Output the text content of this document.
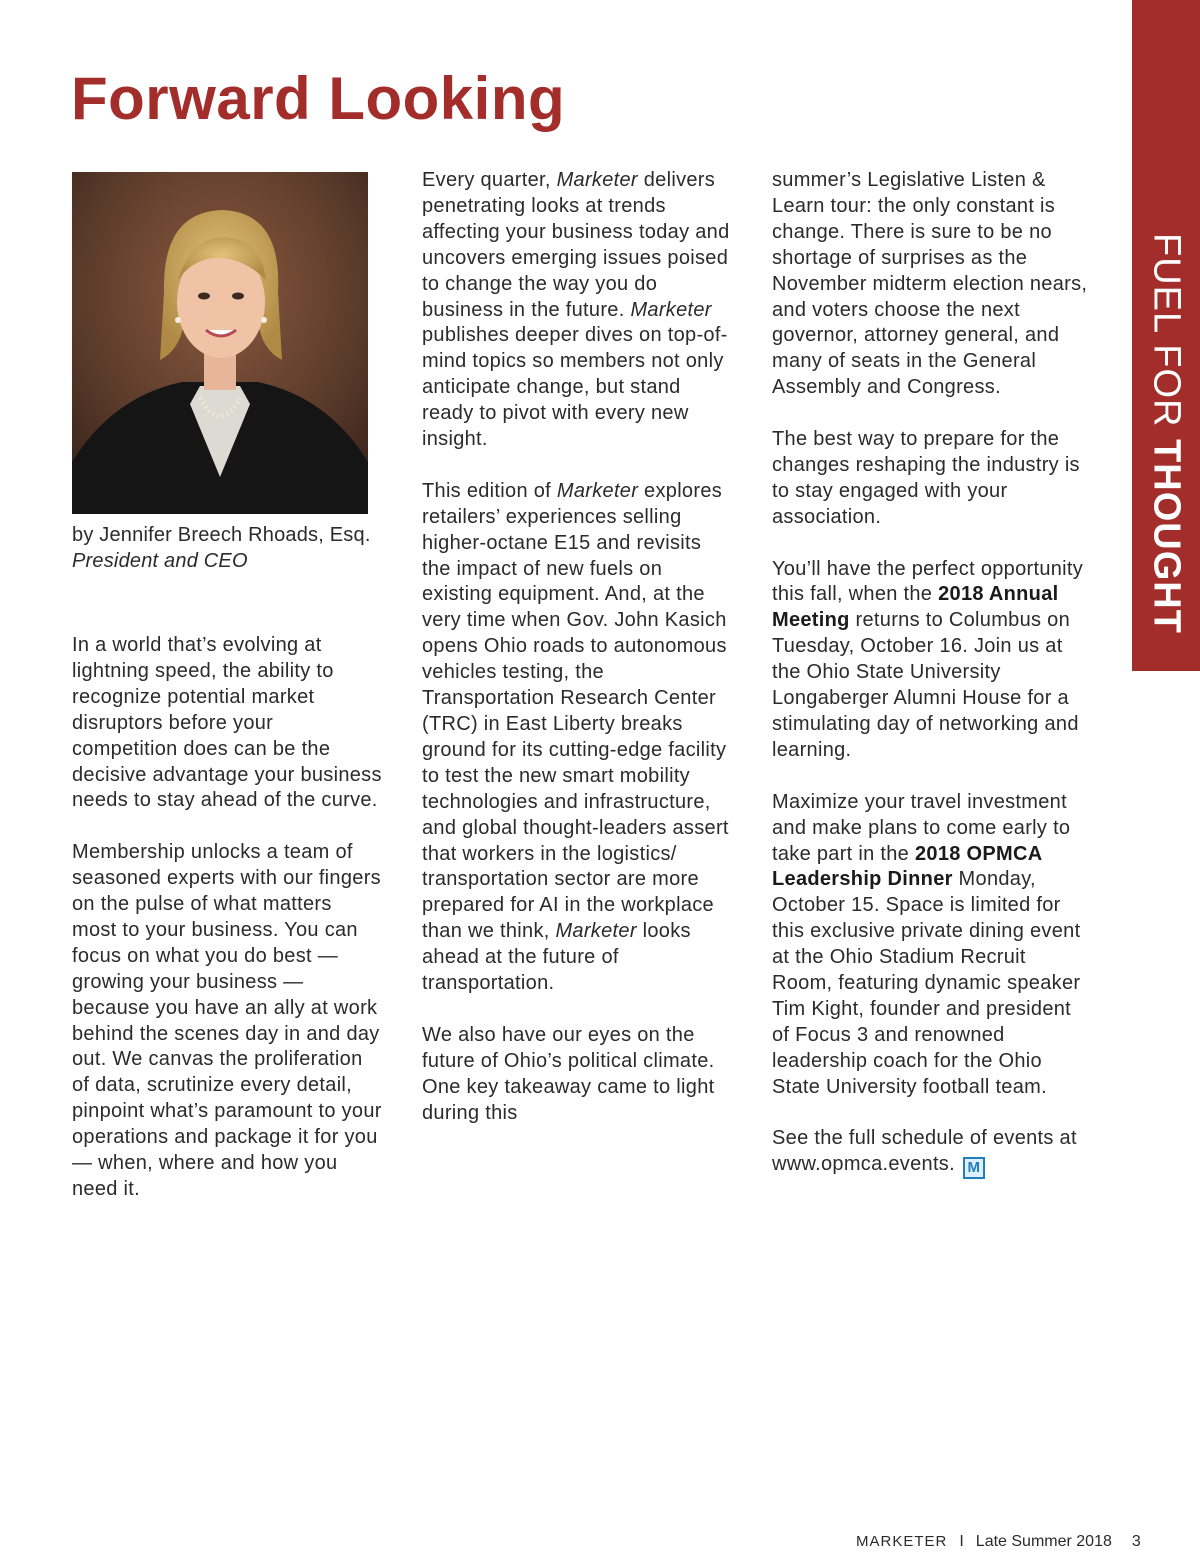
Forward Looking
FUEL FOR THOUGHT
by Jennifer Breech Rhoads, Esq.
President and CEO

In a world that’s evolving at lightning speed, the ability to recognize potential market disruptors before your competition does can be the decisive advantage your business needs to stay ahead of the curve.

Membership unlocks a team of seasoned experts with our fingers on the pulse of what matters most to your business. You can focus on what you do best — growing your business — because you have an ally at work behind the scenes day in and day out. We canvas the proliferation of data, scrutinize every detail, pinpoint what’s paramount to your operations and package it for you — when, where and how you need it.

Every quarter, Marketer delivers penetrating looks at trends affecting your business today and uncovers emerging issues poised to change the way you do business in the future. Marketer publishes deeper dives on top-of-mind topics so members not only anticipate change, but stand ready to pivot with every new insight.

This edition of Marketer explores retailers’ experiences selling higher-octane E15 and revisits the impact of new fuels on existing equipment. And, at the very time when Gov. John Kasich opens Ohio roads to autonomous vehicles testing, the Transportation Research Center (TRC) in East Liberty breaks ground for its cutting-edge facility to test the new smart mobility technologies and infrastructure, and global thought-leaders assert that workers in the logistics/ transportation sector are more prepared for AI in the workplace than we think, Marketer looks ahead at the future of transportation.

We also have our eyes on the future of Ohio’s political climate. One key takeaway came to light during this

summer’s Legislative Listen & Learn tour: the only constant is change. There is sure to be no shortage of surprises as the November midterm election nears, and voters choose the next governor, attorney general, and many of seats in the General Assembly and Congress.

The best way to prepare for the changes reshaping the industry is to stay engaged with your association.

You’ll have the perfect opportunity this fall, when the 2018 Annual Meeting returns to Columbus on Tuesday, October 16. Join us at the Ohio State University Longaberger Alumni House for a stimulating day of networking and learning.

Maximize your travel investment and make plans to come early to take part in the 2018 OPMCA Leadership Dinner Monday, October 15. Space is limited for this exclusive private dining event at the Ohio Stadium Recruit Room, featuring dynamic speaker Tim Kight, founder and president of Focus 3 and renowned leadership coach for the Ohio State University football team.

See the full schedule of events at www.opmca.events. M

MARKETER I Late Summer 2018 3
